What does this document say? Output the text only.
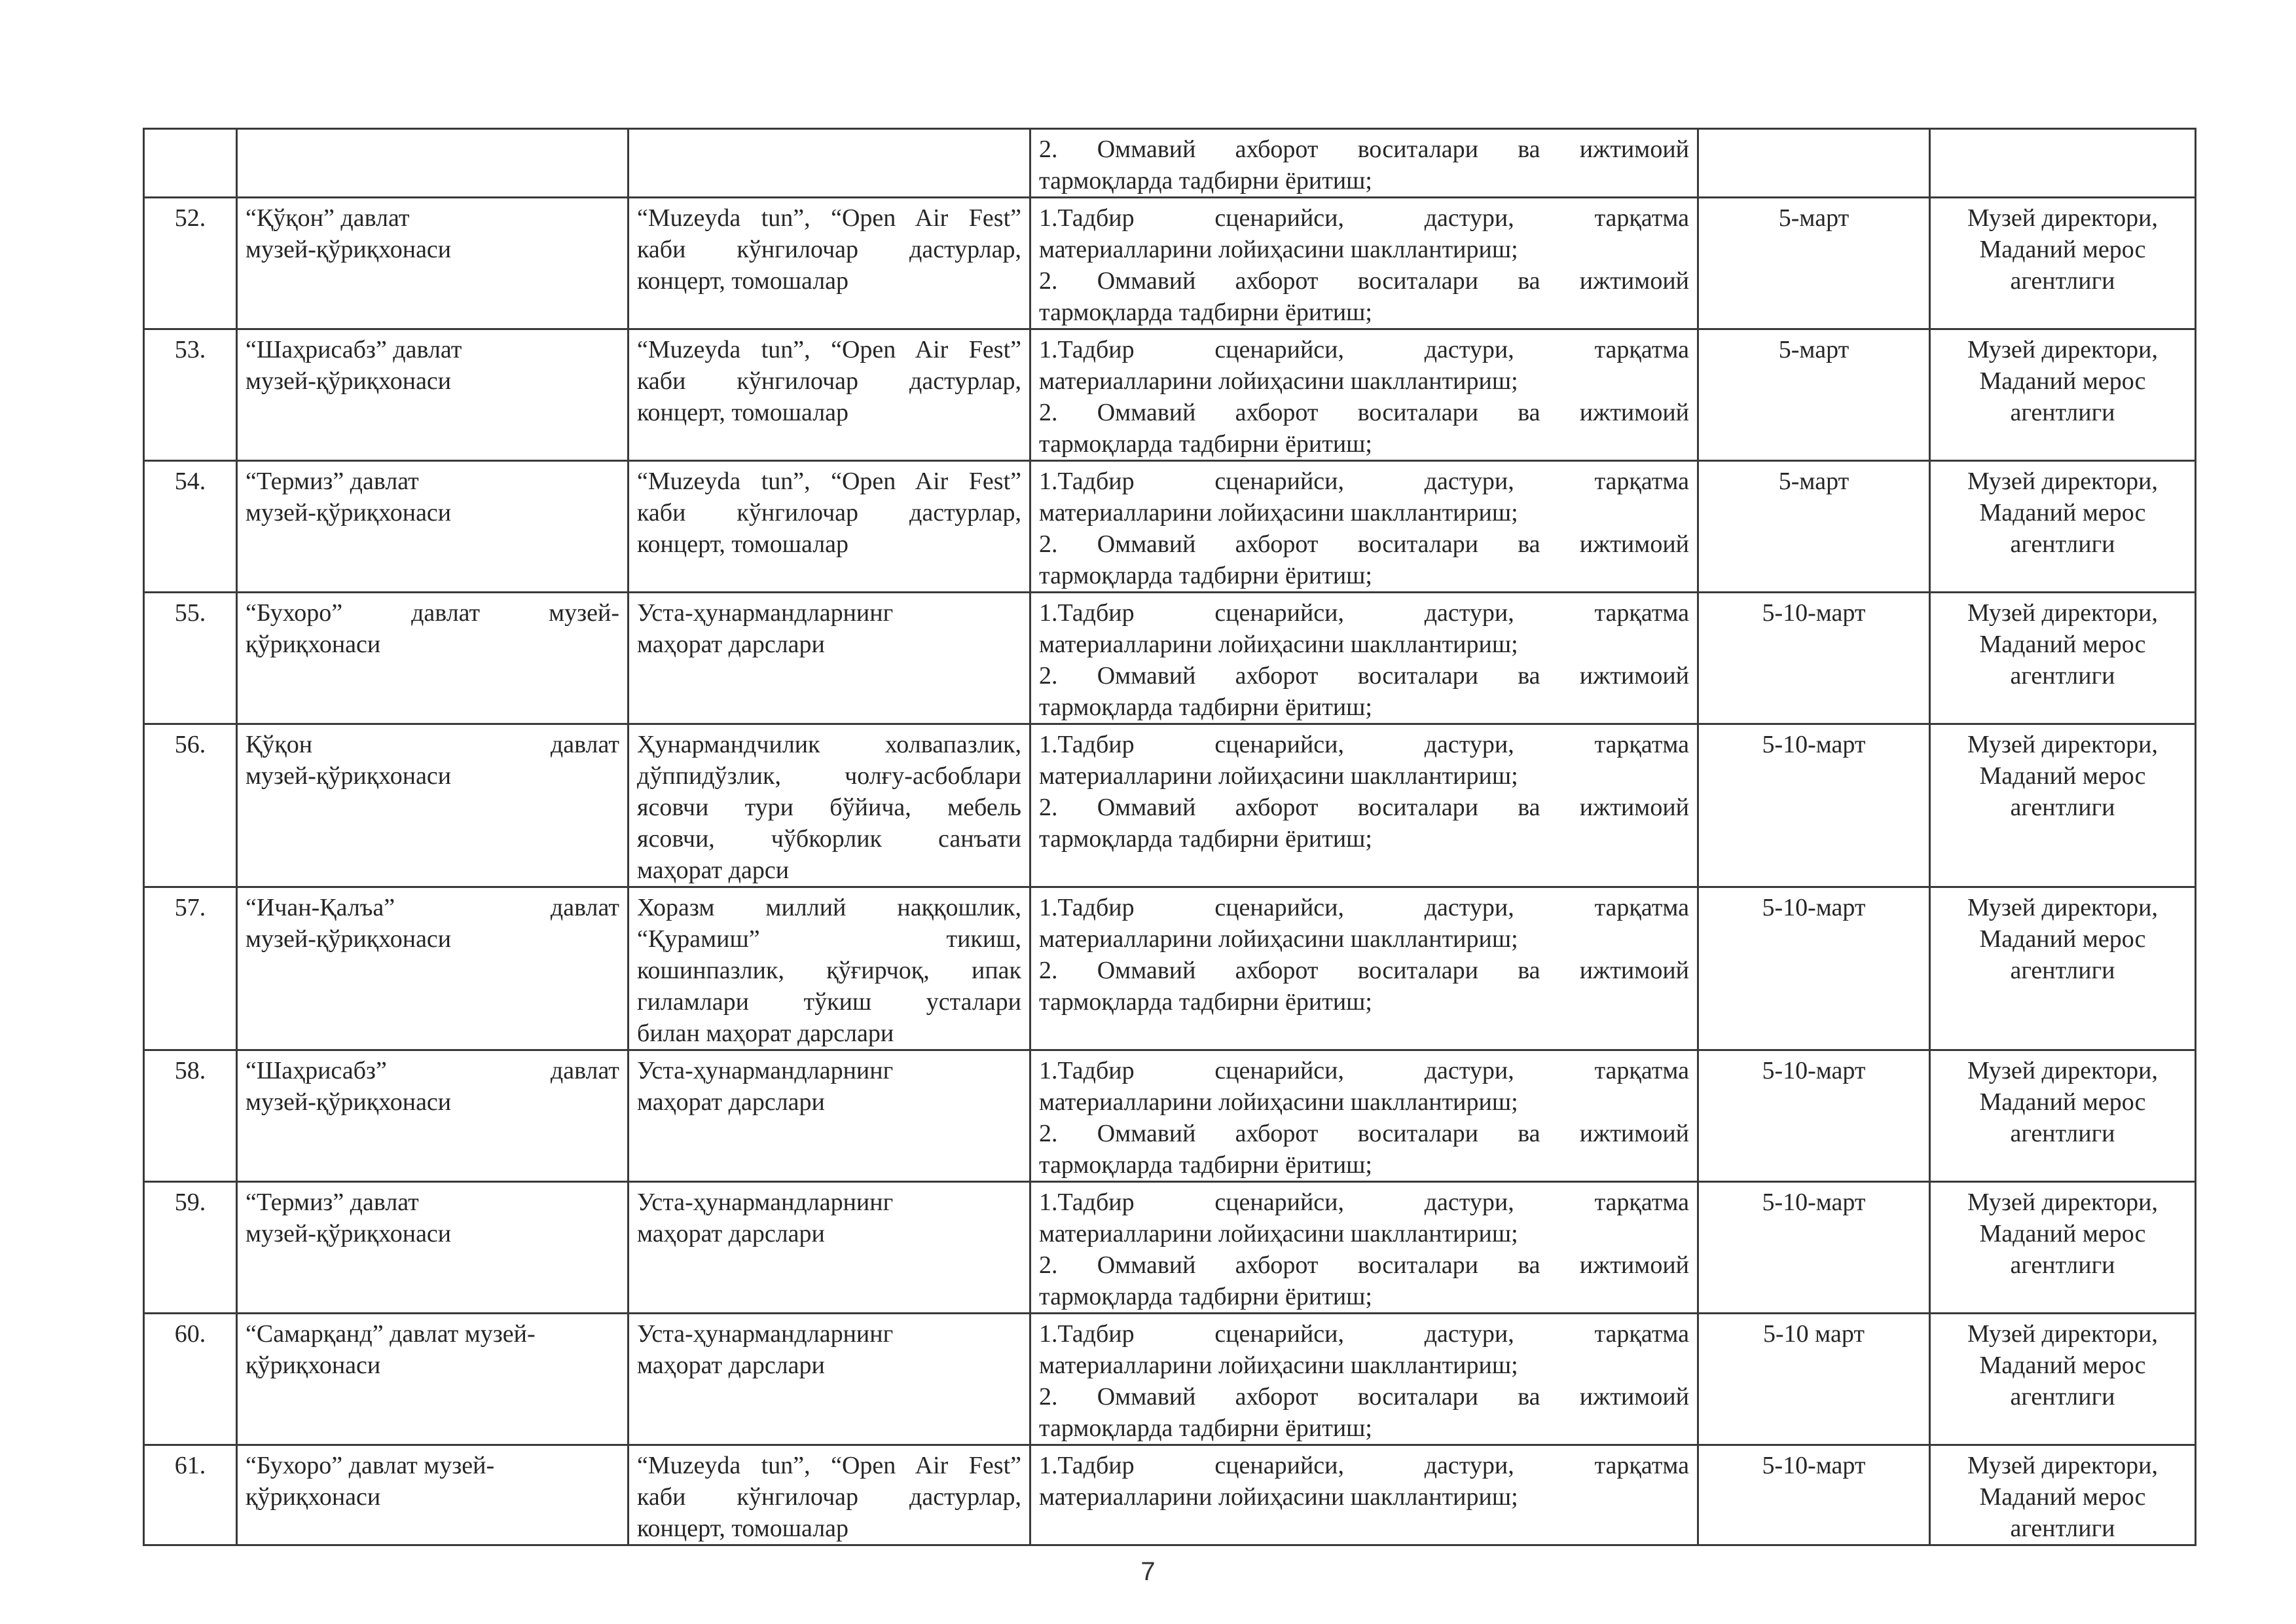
			2. Оммавий ахборот воситалари ва ижтимоий
тармоқларда тадбирни ёритиш;		

52.	“Қўқон” давлат
музей-қўриқхонаси	“Muzeyda tun”, “Open Air Fest”
каби кўнгилочар дастурлар,
концерт, томошалар	1.Тадбир сценарийси, дастури, тарқатма
материалларини лойиҳасини шакллантириш;
2. Оммавий ахборот воситалари ва ижтимоий
тармоқларда тадбирни ёритиш;	5-март	Музей директори,
Маданий мерос
агентлиги

53.	“Шаҳрисабз” давлат
музей-қўриқхонаси	“Muzeyda tun”, “Open Air Fest”
каби кўнгилочар дастурлар,
концерт, томошалар	1.Тадбир сценарийси, дастури, тарқатма
материалларини лойиҳасини шакллантириш;
2. Оммавий ахборот воситалари ва ижтимоий
тармоқларда тадбирни ёритиш;	5-март	Музей директори,
Маданий мерос
агентлиги

54.	“Термиз” давлат
музей-қўриқхонаси	“Muzeyda tun”, “Open Air Fest”
каби кўнгилочар дастурлар,
концерт, томошалар	1.Тадбир сценарийси, дастури, тарқатма
материалларини лойиҳасини шакллантириш;
2. Оммавий ахборот воситалари ва ижтимоий
тармоқларда тадбирни ёритиш;	5-март	Музей директори,
Маданий мерос
агентлиги

55.	“Бухоро” давлат музей-
қўриқхонаси	Уста-ҳунармандларнинг
маҳорат дарслари	1.Тадбир сценарийси, дастури, тарқатма
материалларини лойиҳасини шакллантириш;
2. Оммавий ахборот воситалари ва ижтимоий
тармоқларда тадбирни ёритиш;	5-10-март	Музей директори,
Маданий мерос
агентлиги

56.	Қўқон давлат
музей-қўриқхонаси	Ҳунармандчилик холвапазлик,
дўппидўзлик, чолғу-асбоблари
ясовчи тури бўйича, мебель
ясовчи, чўбкорлик санъати
маҳорат дарси	1.Тадбир сценарийси, дастури, тарқатма
материалларини лойиҳасини шакллантириш;
2. Оммавий ахборот воситалари ва ижтимоий
тармоқларда тадбирни ёритиш;	5-10-март	Музей директори,
Маданий мерос
агентлиги

57.	“Ичан-Қалъа” давлат
музей-қўриқхонаси	Хоразм миллий наққошлик,
“Қурамиш” тикиш,
кошинпазлик, қўғирчоқ, ипак
гиламлари тўкиш усталари
билан маҳорат дарслари	1.Тадбир сценарийси, дастури, тарқатма
материалларини лойиҳасини шакллантириш;
2. Оммавий ахборот воситалари ва ижтимоий
тармоқларда тадбирни ёритиш;	5-10-март	Музей директори,
Маданий мерос
агентлиги

58.	“Шаҳрисабз” давлат
музей-қўриқхонаси	Уста-ҳунармандларнинг
маҳорат дарслари	1.Тадбир сценарийси, дастури, тарқатма
материалларини лойиҳасини шакллантириш;
2. Оммавий ахборот воситалари ва ижтимоий
тармоқларда тадбирни ёритиш;	5-10-март	Музей директори,
Маданий мерос
агентлиги

59.	“Термиз” давлат
музей-қўриқхонаси	Уста-ҳунармандларнинг
маҳорат дарслари	1.Тадбир сценарийси, дастури, тарқатма
материалларини лойиҳасини шакллантириш;
2. Оммавий ахборот воситалари ва ижтимоий
тармоқларда тадбирни ёритиш;	5-10-март	Музей директори,
Маданий мерос
агентлиги

60.	“Самарқанд” давлат музей-
қўриқхонаси	Уста-ҳунармандларнинг
маҳорат дарслари	1.Тадбир сценарийси, дастури, тарқатма
материалларини лойиҳасини шакллантириш;
2. Оммавий ахборот воситалари ва ижтимоий
тармоқларда тадбирни ёритиш;	5-10 март	Музей директори,
Маданий мерос
агентлиги

61.	“Бухоро” давлат музей-
қўриқхонаси	“Muzeyda tun”, “Open Air Fest”
каби кўнгилочар дастурлар,
концерт, томошалар	1.Тадбир сценарийси, дастури, тарқатма
материалларини лойиҳасини шакллантириш;	5-10-март	Музей директори,
Маданий мерос
агентлиги
7
